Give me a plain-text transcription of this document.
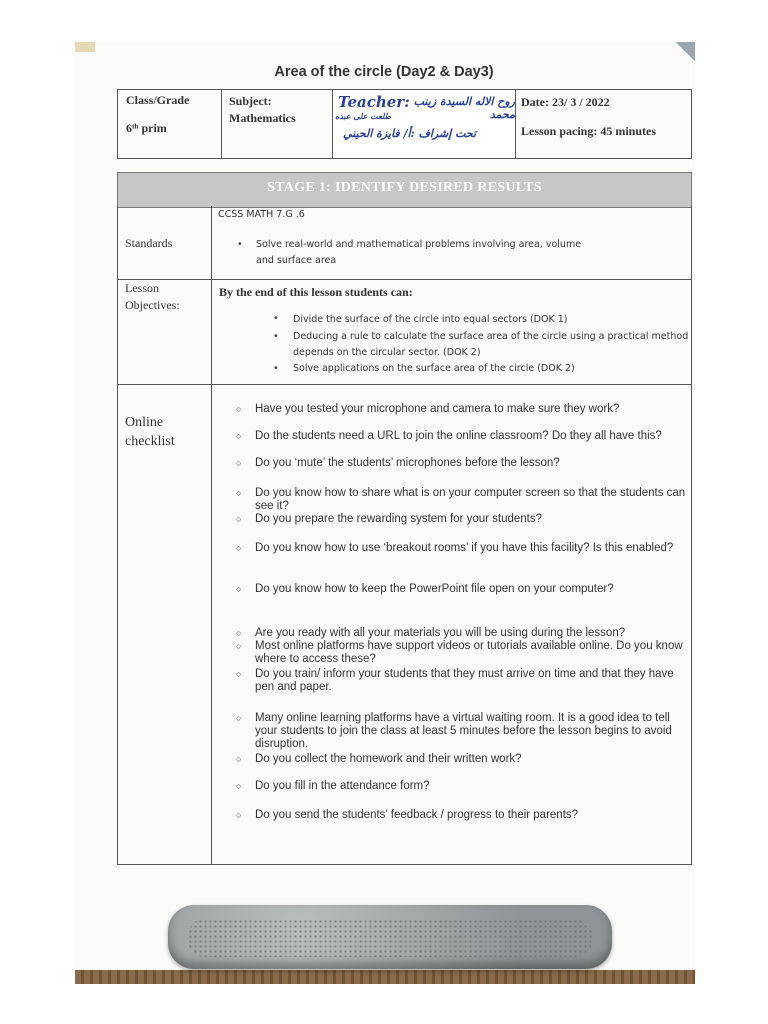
Area of the circle (Day2 & Day3)
Class/Grade
6ᵗʰ prim
Subject:
Mathematics
Teacher: روح الاله السيدة زينب محمد
طلعت على عبده
تحت إشراف :أ/ فايزة الحيني
Date: 23/ 3 / 2022
Lesson pacing: 45 minutes
STAGE 1: IDENTIFY DESIRED RESULTS
Standards
CCSS MATH 7.G .6
• Solve real-world and mathematical problems involving area, volume
and surface area
Lesson
Objectives:
By the end of this lesson students can:
• Divide the surface of the circle into equal sectors (DOK 1)
• Deducing a rule to calculate the surface area of the circle using a practical method
depends on the circular sector. (DOK 2)
• Solve applications on the surface area of the circle (DOK 2)
Online
checklist
○ Have you tested your microphone and camera to make sure they work?
○ Do the students need a URL to join the online classroom? Do they all have this?
○ Do you ‘mute’ the students’ microphones before the lesson?
○ Do you know how to share what is on your computer screen so that the students can see it?
○ Do you prepare the rewarding system for your students?
○ Do you know how to use ‘breakout rooms’ if you have this facility? Is this enabled?
○ Do you know how to keep the PowerPoint file open on your computer?
○ Are you ready with all your materials you will be using during the lesson?
○ Most online platforms have support videos or tutorials available online. Do you know where to access these?
○ Do you train/ inform your students that they must arrive on time and that they have pen and paper.
○ Many online learning platforms have a virtual waiting room. It is a good idea to tell your students to join the class at least 5 minutes before the lesson begins to avoid disruption.
○ Do you collect the homework and their written work?
○ Do you fill in the attendance form?
○ Do you send the students’ feedback / progress to their parents?
